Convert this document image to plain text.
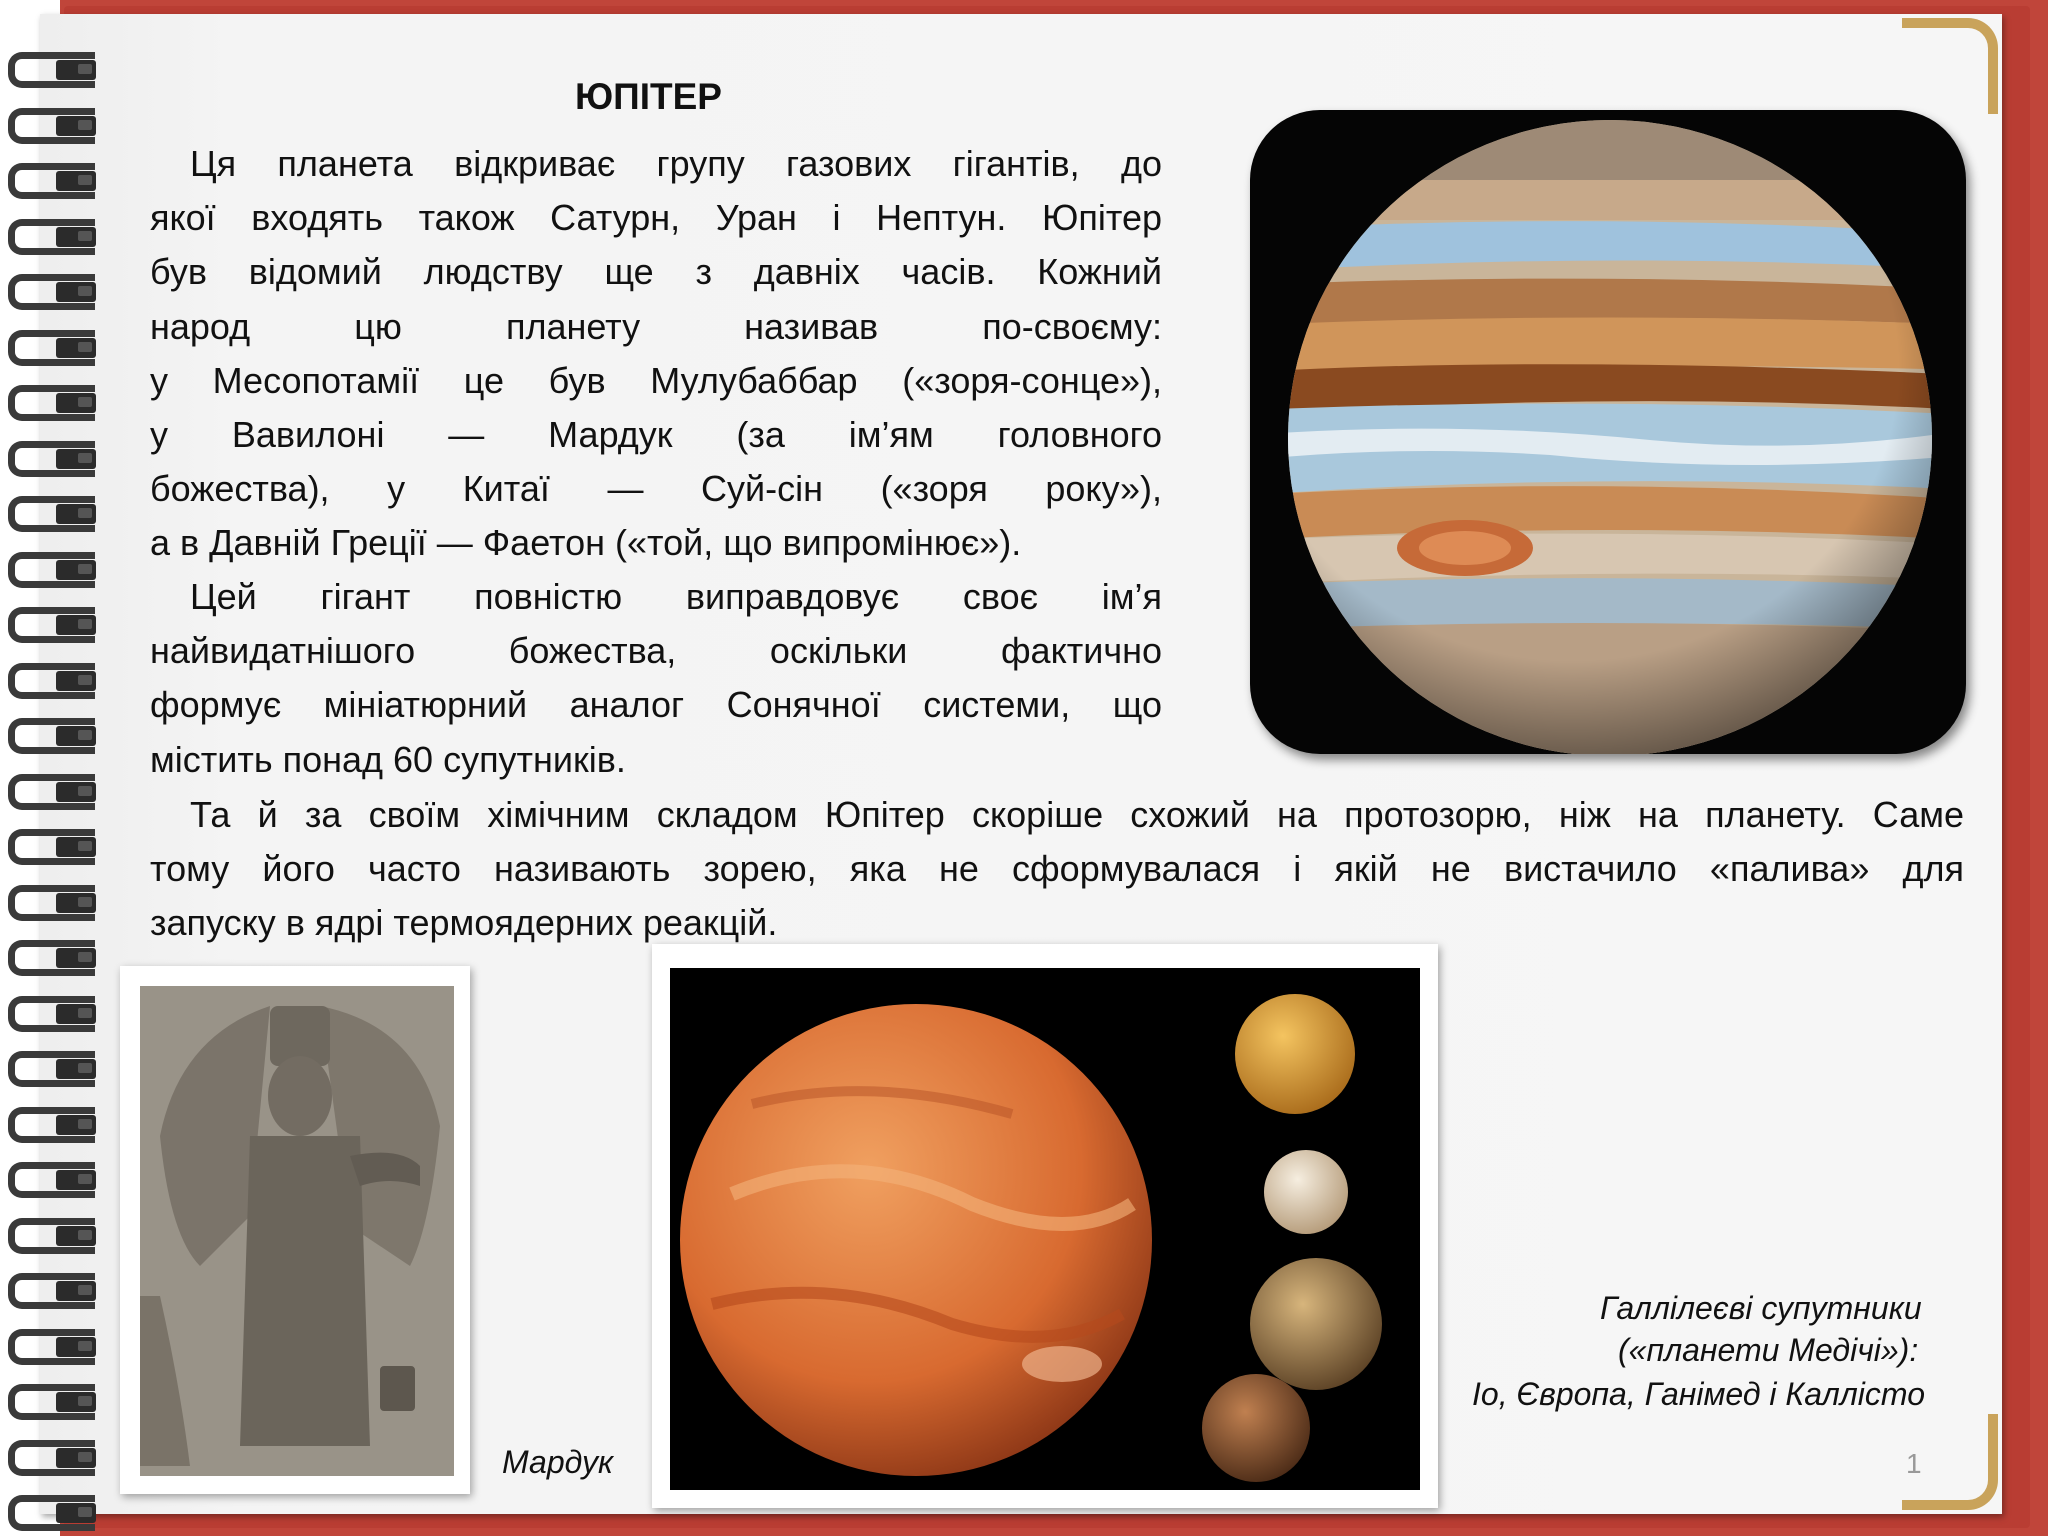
ЮПІТЕР
Ця планета відкриває групу газових гігантів, до
якої входять також Сатурн, Уран і Нептун. Юпітер
був відомий людству ще з давніх часів. Кожний
народ цю планету називав по-своєму:
у Месопотамії це був Мулубаббар («зоря-сонце»),
у Вавилоні — Мардук (за ім’ям головного
божества), у Китаї — Суй-сін («зоря року»),
а в Давній Греції — Фаетон («той, що випромінює»).
Цей гігант повністю виправдовує своє ім’я
найвидатнішого божества, оскільки фактично
формує мініатюрний аналог Сонячної системи, що
містить понад 60 супутників.
Та й за своїм хімічним складом Юпітер скоріше схожий на протозорю, ніж на планету. Саме
тому його часто називають зорею, яка не сформувалася і якій не вистачило «палива» для
запуску в ядрі термоядерних реакцій.
Мардук
Галлілеєві супутники
(«планети Медічі»):
Іо, Європа, Ганімед і Каллісто
1
